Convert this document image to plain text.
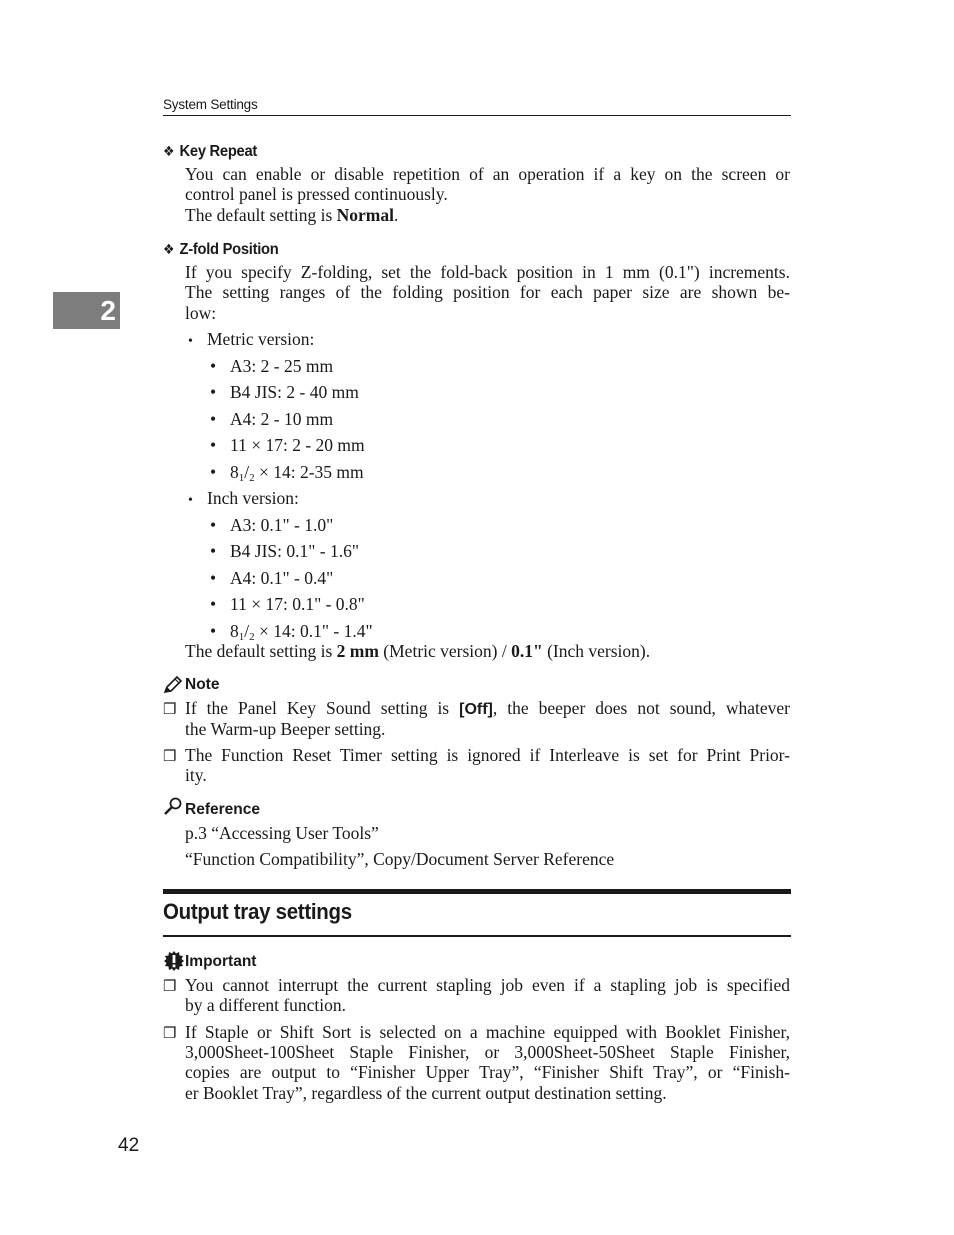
System Settings
2
❖ Key Repeat
You can enable or disable repetition of an operation if a key on the screen or
control panel is pressed continuously.
The default setting is Normal.
❖ Z-fold Position
If you specify Z-folding, set the fold-back position in 1 mm (0.1") increments.
The setting ranges of the folding position for each paper size are shown be-
low:
• Metric version:
• A3: 2 - 25 mm
• B4 JIS: 2 - 40 mm
• A4: 2 - 10 mm
• 11 × 17: 2 - 20 mm
• $8_1/_2 \times 14$: 2-35 mm
• Inch version:
• A3: 0.1" - 1.0"
• B4 JIS: 0.1" - 1.6"
• A4: 0.1" - 0.4"
• 11 × 17: 0.1" - 0.8"
• $8_1/_2 \times 14$: 0.1" - 1.4"
The default setting is 2 mm (Metric version) / 0.1" (Inch version).
Note
❒ If the Panel Key Sound setting is [Off], the beeper does not sound, whatever
the Warm-up Beeper setting.
❒ The Function Reset Timer setting is ignored if Interleave is set for Print Prior-
ity.
Reference
p.3 “Accessing User Tools”
“Function Compatibility”, Copy/Document Server Reference
Output tray settings
Important
❒ You cannot interrupt the current stapling job even if a stapling job is specified
by a different function.
❒ If Staple or Shift Sort is selected on a machine equipped with Booklet Finisher,
3,000Sheet-100Sheet Staple Finisher, or 3,000Sheet-50Sheet Staple Finisher,
copies are output to “Finisher Upper Tray”, “Finisher Shift Tray”, or “Finish-
er Booklet Tray”, regardless of the current output destination setting.
42
